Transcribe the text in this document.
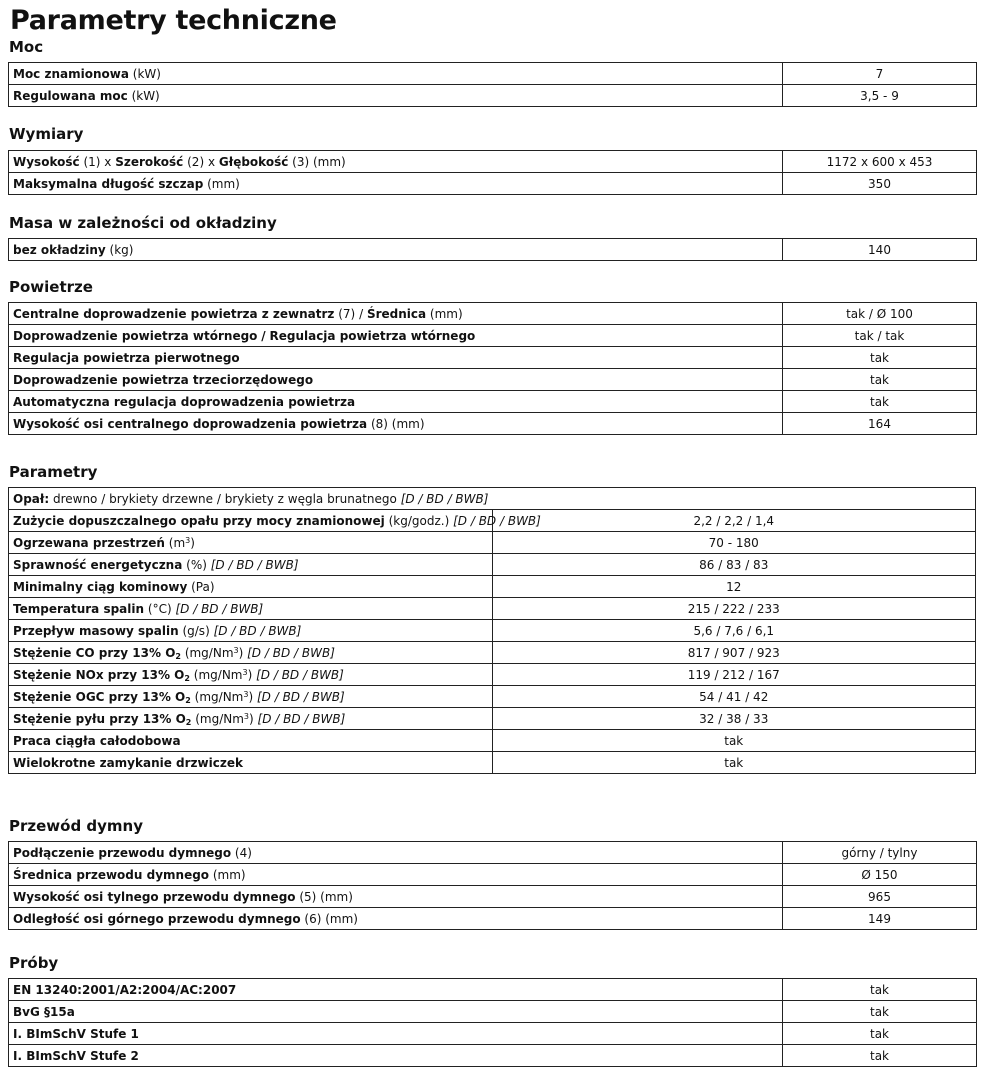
Parametry techniczne
Moc
Moc znamionowa (kW)	7
Regulowana moc (kW)	3,5 - 9
Wymiary
Wysokość (1) x Szerokość (2) x Głębokość (3) (mm)	1172 x 600 x 453
Maksymalna długość szczap (mm)	350
Masa w zależności od okładziny
bez okładziny (kg)	140
Powietrze
Centralne doprowadzenie powietrza z zewnatrz (7) / Średnica (mm)	tak / Ø 100
Doprowadzenie powietrza wtórnego / Regulacja powietrza wtórnego	tak / tak
Regulacja powietrza pierwotnego	tak
Doprowadzenie powietrza trzeciorzędowego	tak
Automatyczna regulacja doprowadzenia powietrza	tak
Wysokość osi centralnego doprowadzenia powietrza (8) (mm)	164
Parametry
Opał: drewno / brykiety drzewne / brykiety z węgla brunatnego [D / BD / BWB]	
Zużycie dopuszczalnego opału przy mocy znamionowej (kg/godz.) [D / BD / BWB]	2,2 / 2,2 / 1,4
Ogrzewana przestrzeń $(m^3)$	70 - 180
Sprawność energetyczna (%) [D / BD / BWB]	86 / 83 / 83
Minimalny ciąg kominowy (Pa)	12
Temperatura spalin (°C) [D / BD / BWB]	215 / 222 / 233
Przepływ masowy spalin (g/s) [D / BD / BWB]	5,6 / 7,6 / 6,1
Stężenie CO przy 13% $O_2$ (mg/Nm$^3$) [D / BD / BWB]	817 / 907 / 923
Stężenie NOx przy 13% $O_2$ (mg/Nm$^3$) [D / BD / BWB]	119 / 212 / 167
Stężenie OGC przy 13% $O_2$ (mg/Nm$^3$) [D / BD / BWB]	54 / 41 / 42
Stężenie pyłu przy 13% $O_2$ (mg/Nm$^3$) [D / BD / BWB]	32 / 38 / 33
Praca ciągła całodobowa	tak
Wielokrotne zamykanie drzwiczek	tak
Przewód dymny
Podłączenie przewodu dymnego (4)	górny / tylny
Średnica przewodu dymnego (mm)	Ø 150
Wysokość osi tylnego przewodu dymnego (5) (mm)	965
Odległość osi górnego przewodu dymnego (6) (mm)	149
Próby
EN 13240:2001/A2:2004/AC:2007	tak
BvG §15a	tak
I. BImSchV Stufe 1	tak
I. BImSchV Stufe 2	tak
